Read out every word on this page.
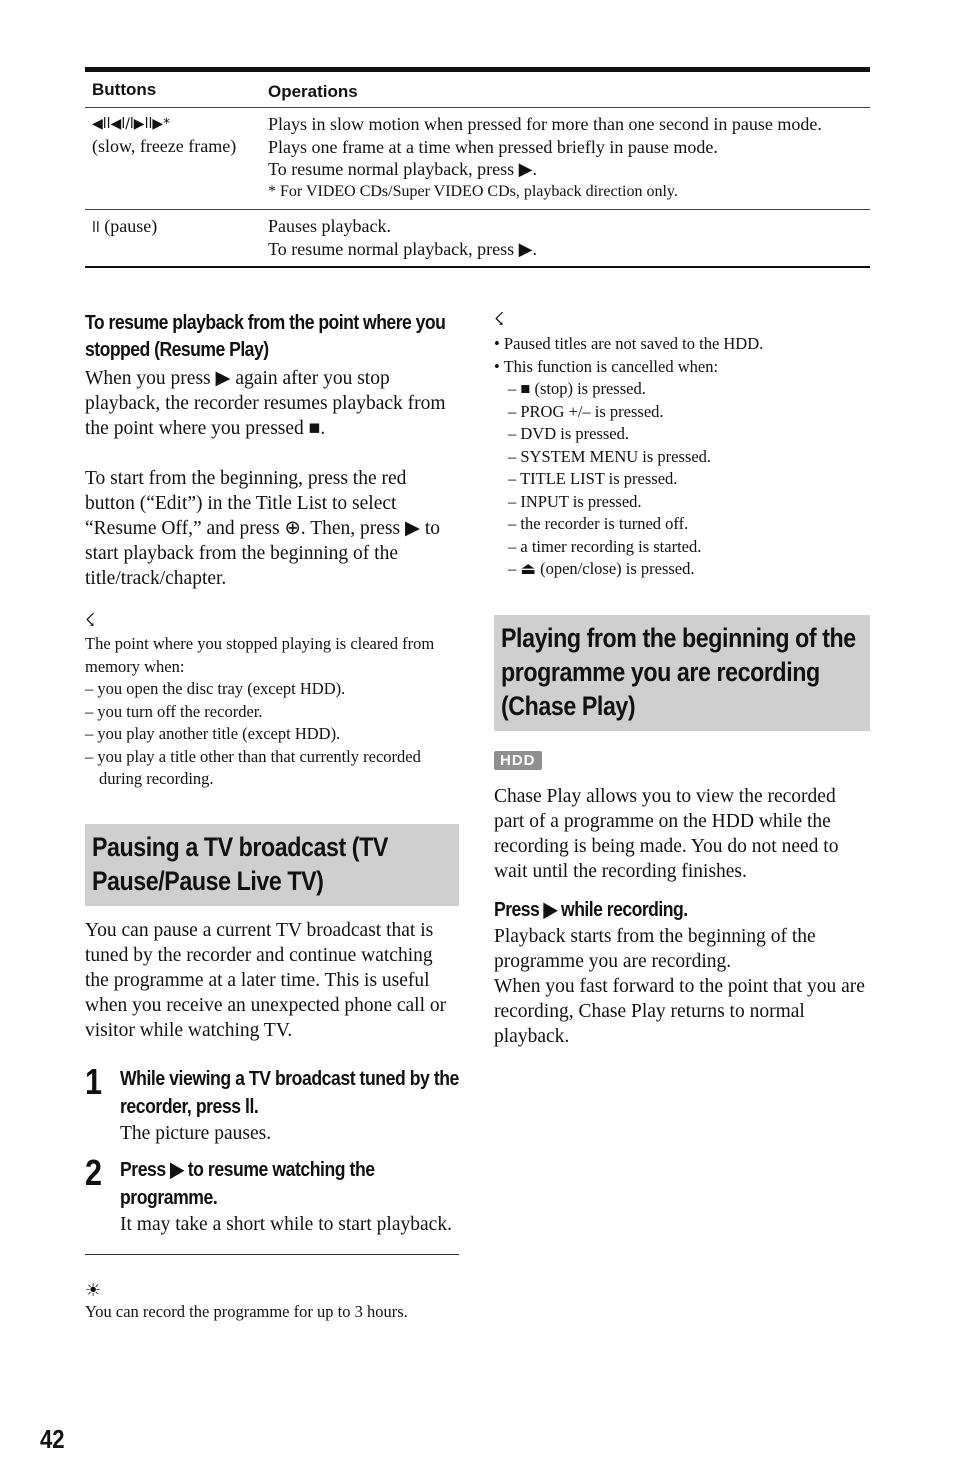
Buttons	Operations
◀ll◀l/l▶ll▶*
(slow, freeze frame)
Plays in slow motion when pressed for more than one second in pause mode.
Plays one frame at a time when pressed briefly in pause mode.
To resume normal playback, press ▶.
* For VIDEO CDs/Super VIDEO CDs, playback direction only.
ll (pause)	Pauses playback.
To resume normal playback, press ▶.
To resume playback from the point where you stopped (Resume Play)
When you press ▶ again after you stop playback, the recorder resumes playback from the point where you pressed ■.
To start from the beginning, press the red button (“Edit”) in the Title List to select “Resume Off,” and press ⊕. Then, press ▶ to start playback from the beginning of the title/track/chapter.
☇
The point where you stopped playing is cleared from memory when:
– you open the disc tray (except HDD).
– you turn off the recorder.
– you play another title (except HDD).
– you play a title other than that currently recorded during recording.
Pausing a TV broadcast (TV Pause/Pause Live TV)
You can pause a current TV broadcast that is tuned by the recorder and continue watching the programme at a later time. This is useful when you receive an unexpected phone call or visitor while watching TV.
1 While viewing a TV broadcast tuned by the recorder, press ll.
The picture pauses.
2 Press ▶ to resume watching the programme.
It may take a short while to start playback.
☀
You can record the programme for up to 3 hours.
☇
• Paused titles are not saved to the HDD.
• This function is cancelled when:
– ■ (stop) is pressed.
– PROG +/– is pressed.
– DVD is pressed.
– SYSTEM MENU is pressed.
– TITLE LIST is pressed.
– INPUT is pressed.
– the recorder is turned off.
– a timer recording is started.
– ⏏ (open/close) is pressed.
Playing from the beginning of the programme you are recording (Chase Play)
HDD
Chase Play allows you to view the recorded part of a programme on the HDD while the recording is being made. You do not need to wait until the recording finishes.
Press ▶ while recording.
Playback starts from the beginning of the programme you are recording.
When you fast forward to the point that you are recording, Chase Play returns to normal playback.
42
